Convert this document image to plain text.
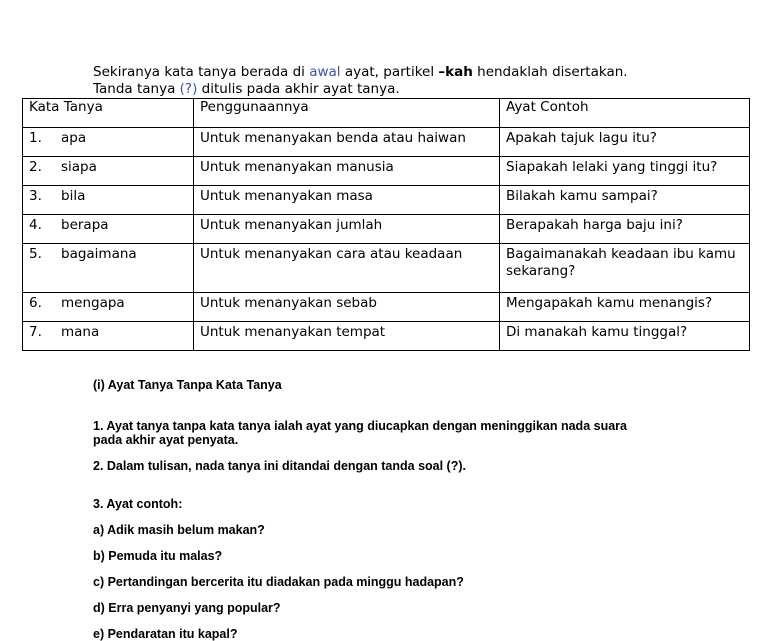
Sekiranya kata tanya berada di awal ayat, partikel –kah hendaklah disertakan.
Tanda tanya (?) ditulis pada akhir ayat tanya.
Kata Tanya	Penggunaannya	Ayat Contoh
1. apa	Untuk menanyakan benda atau haiwan	Apakah tajuk lagu itu?
2. siapa	Untuk menanyakan manusia	Siapakah lelaki yang tinggi itu?
3. bila	Untuk menanyakan masa	Bilakah kamu sampai?
4. berapa	Untuk menanyakan jumlah	Berapakah harga baju ini?
5. bagaimana	Untuk menanyakan cara atau keadaan	Bagaimanakah keadaan ibu kamu sekarang?
6. mengapa	Untuk menanyakan sebab	Mengapakah kamu menangis?
7. mana	Untuk menanyakan tempat	Di manakah kamu tinggal?

(i) Ayat Tanya Tanpa Kata Tanya

1. Ayat tanya tanpa kata tanya ialah ayat yang diucapkan dengan meninggikan nada suara

pada akhir ayat penyata.

2. Dalam tulisan, nada tanya ini ditandai dengan tanda soal (?).

3. Ayat contoh:

a) Adik masih belum makan?

b) Pemuda itu malas?

c) Pertandingan bercerita itu diadakan pada minggu hadapan?

d) Erra penyanyi yang popular?

e) Pendaratan itu kapal?
